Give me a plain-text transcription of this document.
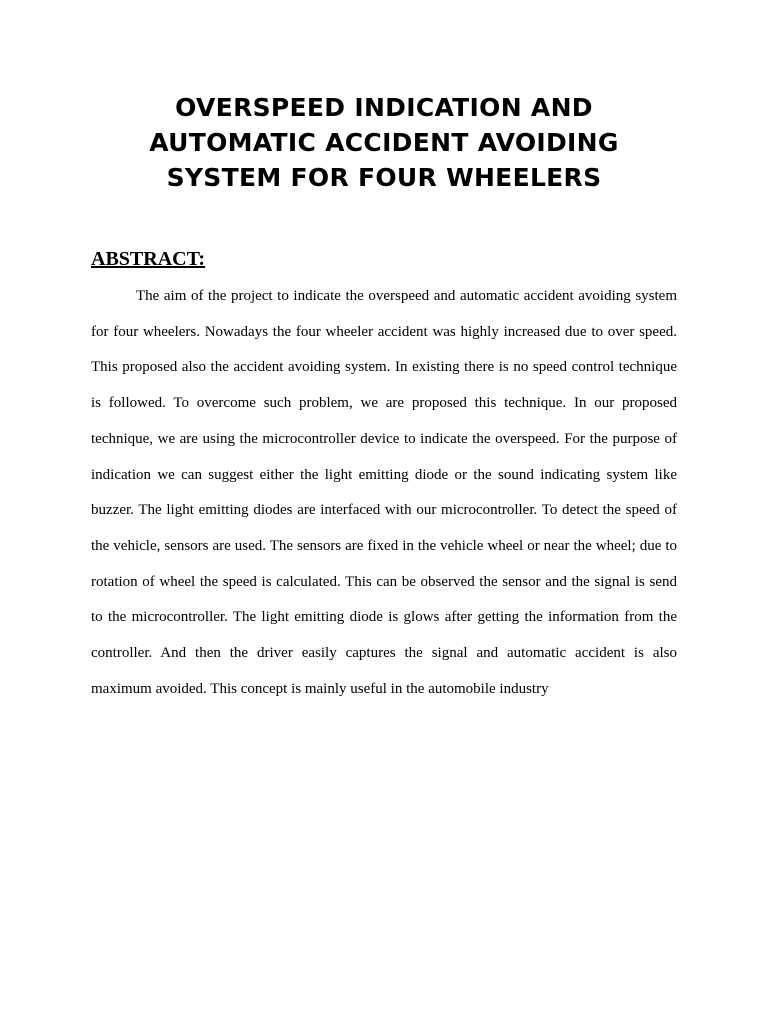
OVERSPEED INDICATION AND
AUTOMATIC ACCIDENT AVOIDING
SYSTEM FOR FOUR WHEELERS
ABSTRACT:
The aim of the project to indicate the overspeed and automatic accident avoiding system
for four wheelers. Nowadays the four wheeler accident was highly increased due to over speed.
This proposed also the accident avoiding system. In existing there is no speed control technique
is followed. To overcome such problem, we are proposed this technique. In our proposed
technique, we are using the microcontroller device to indicate the overspeed. For the purpose of
indication we can suggest either the light emitting diode or the sound indicating system like
buzzer. The light emitting diodes are interfaced with our microcontroller. To detect the speed of
the vehicle, sensors are used. The sensors are fixed in the vehicle wheel or near the wheel; due to
rotation of wheel the speed is calculated. This can be observed the sensor and the signal is send
to the microcontroller. The light emitting diode is glows after getting the information from the
controller. And then the driver easily captures the signal and automatic accident is also
maximum avoided. This concept is mainly useful in the automobile industry
